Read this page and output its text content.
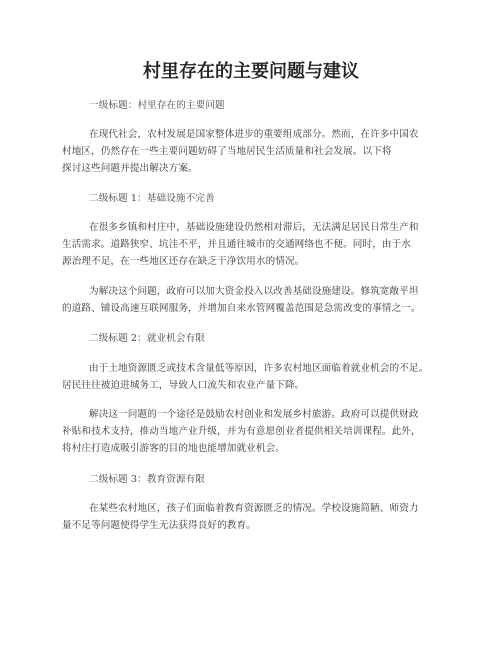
村里存在的主要问题与建议

一级标题：村里存在的主要问题

在现代社会，农村发展是国家整体进步的重要组成部分。然而，在许多中国农
村地区，仍然存在一些主要问题妨碍了当地居民生活质量和社会发展。以下将
探讨这些问题并提出解决方案。

二级标题 1：基础设施不完善

在很多乡镇和村庄中，基础设施建设仍然相对滞后，无法满足居民日常生产和
生活需求。道路狭窄、坑洼不平，并且通往城市的交通网络也不便。同时，由于水
源治理不足，在一些地区还存在缺乏干净饮用水的情况。

为解决这个问题，政府可以加大资金投入以改善基础设施建设。修筑宽敞平坦
的道路、铺设高速互联网服务，并增加自来水管网覆盖范围是急需改变的事情之一。

二级标题 2：就业机会有限

由于土地资源匮乏或技术含量低等原因，许多农村地区面临着就业机会的不足。
居民往往被迫进城务工，导致人口流失和农业产量下降。

解决这一问题的一个途径是鼓励农村创业和发展乡村旅游。政府可以提供财政
补贴和技术支持，推动当地产业升级，并为有意愿创业者提供相关培训课程。此外，
将村庄打造成吸引游客的目的地也能增加就业机会。

二级标题 3：教育资源有限

在某些农村地区，孩子们面临着教育资源匮乏的情况。学校设施简陋、师资力
量不足等问题使得学生无法获得良好的教育。
